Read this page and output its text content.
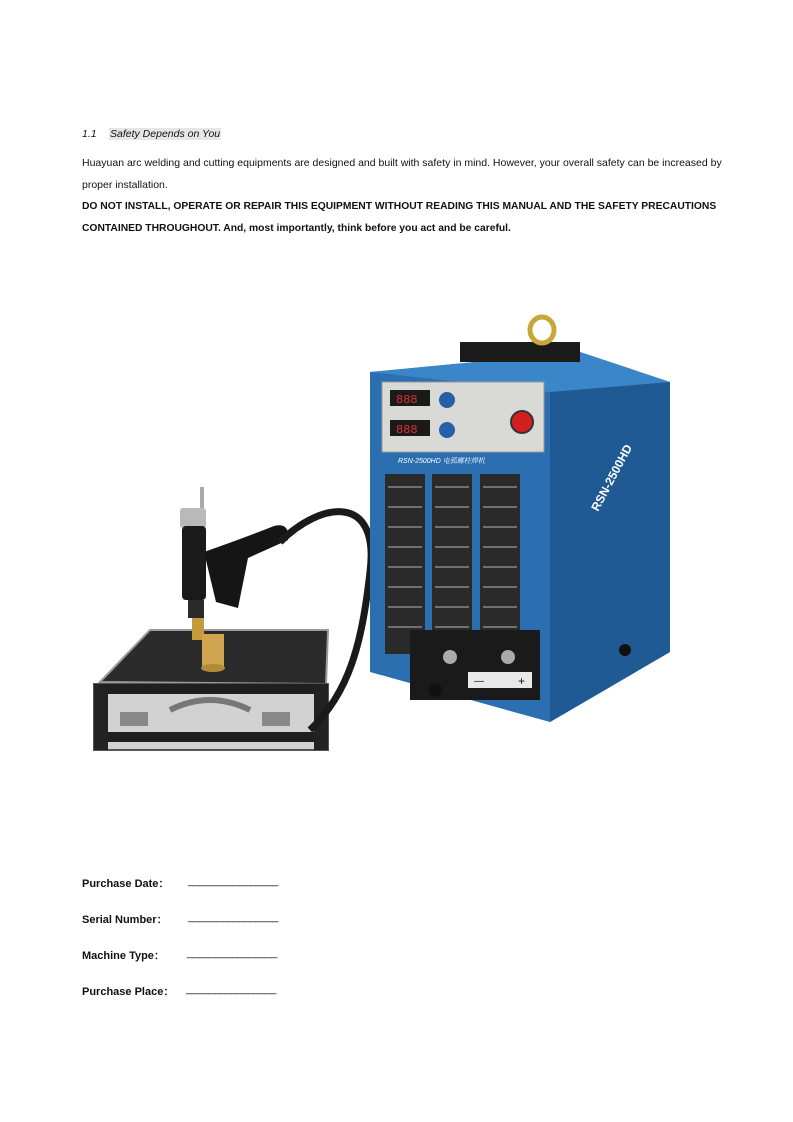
1.1 Safety Depends on You
Huayuan arc welding and cutting equipments are designed and built with safety in mind. However, your overall safety can be increased by proper installation.
DO NOT INSTALL, OPERATE OR REPAIR THIS EQUIPMENT WITHOUT READING THIS MANUAL AND THE SAFETY PRECAUTIONS CONTAINED THROUGHOUT. And, most importantly, think before you act and be careful.
888
888
RSN-2500HD 电弧螺柱焊机	RSN-2500HD
—	+
Purchase Date： ________________
Serial Number： ________________
Machine Type： ________________
Purchase Place： ________________
